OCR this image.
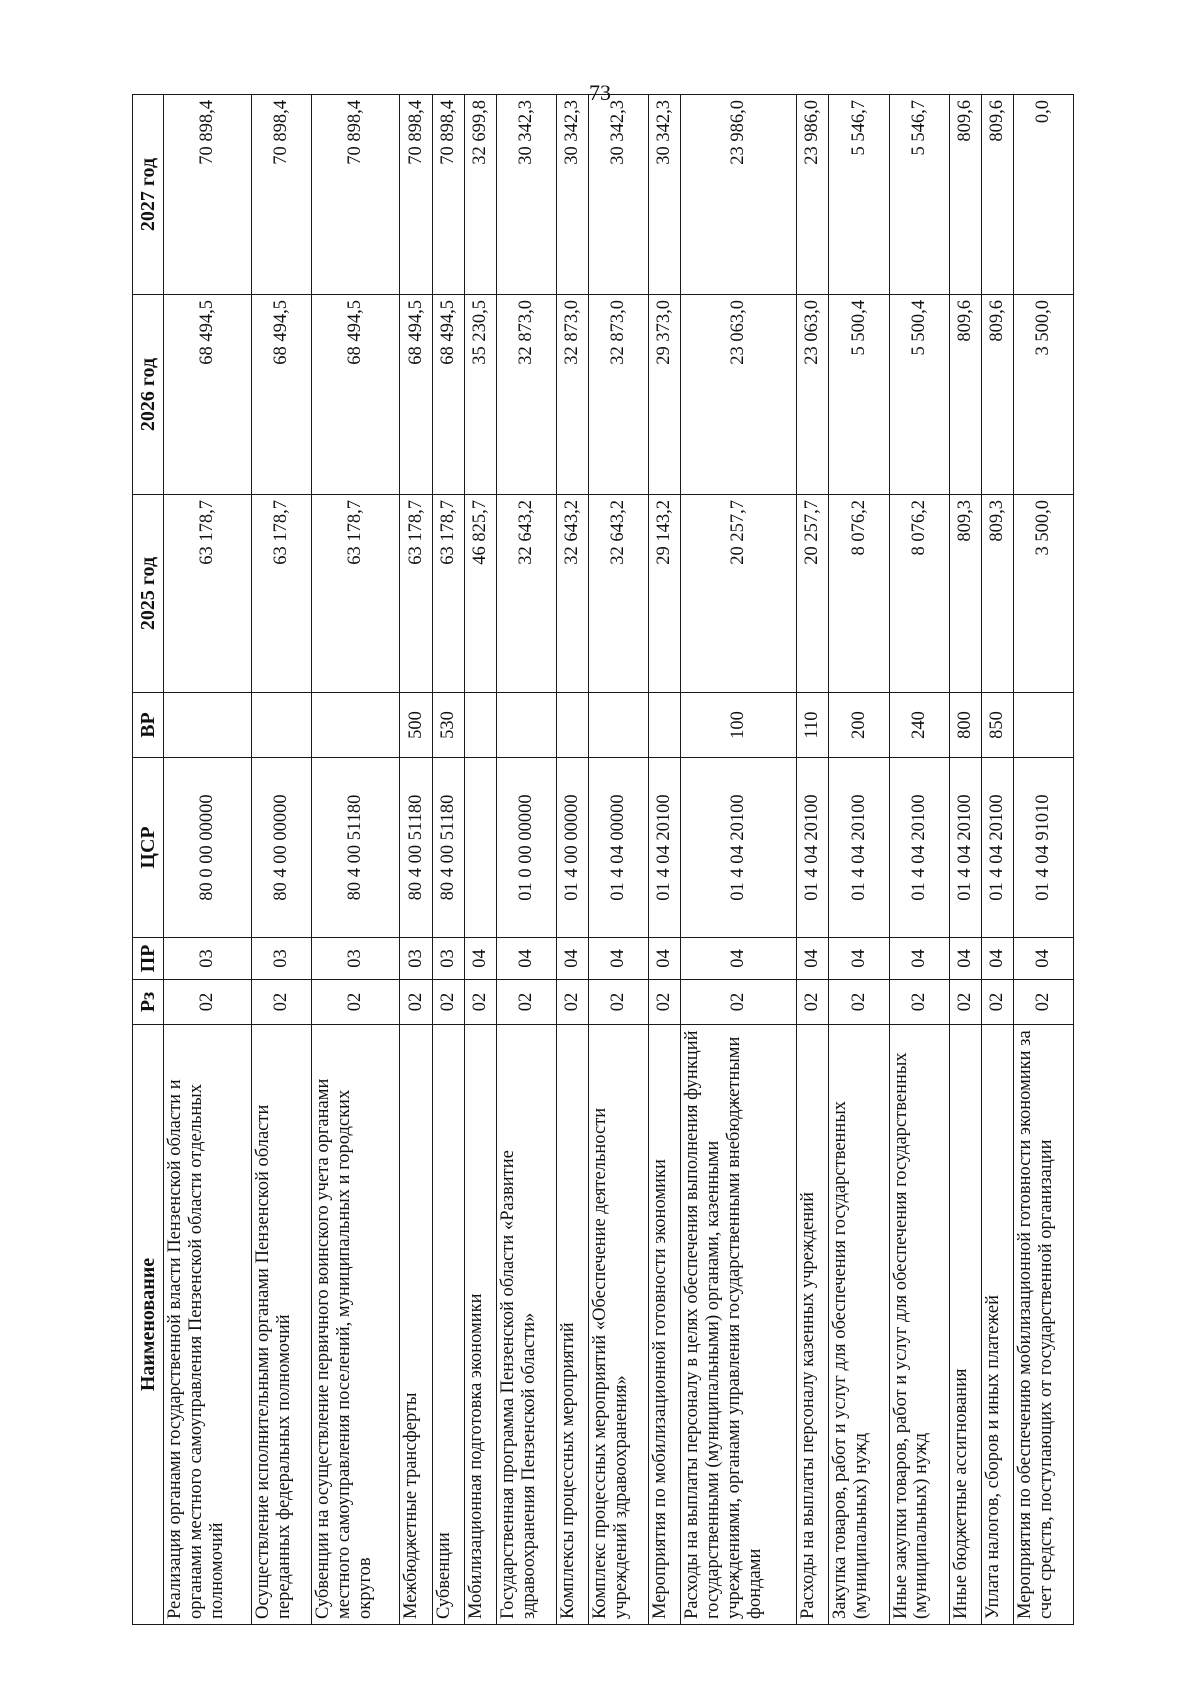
73
Наименование	Рз	ПР	ЦСР	ВР	2025 год	2026 год	2027 год
Реализация органами государственной власти Пензенской области и органами местного самоуправления Пензенской области отдельных полномочий	02	03	80 0 00 00000		63 178,7	68 494,5	70 898,4
Осуществление исполнительными органами Пензенской области переданных федеральных полномочий	02	03	80 4 00 00000		63 178,7	68 494,5	70 898,4
Субвенции на осуществление первичного воинского учета органами местного самоуправления поселений, муниципальных и городских округов	02	03	80 4 00 51180		63 178,7	68 494,5	70 898,4
Межбюджетные трансферты	02	03	80 4 00 51180	500	63 178,7	68 494,5	70 898,4
Субвенции	02	03	80 4 00 51180	530	63 178,7	68 494,5	70 898,4
Мобилизационная подготовка экономики	02	04			46 825,7	35 230,5	32 699,8
Государственная программа Пензенской области «Развитие здравоохранения Пензенской области»	02	04	01 0 00 00000		32 643,2	32 873,0	30 342,3
Комплексы процессных мероприятий	02	04	01 4 00 00000		32 643,2	32 873,0	30 342,3
Комплекс процессных мероприятий «Обеспечение деятельности учреждений здравоохранения»	02	04	01 4 04 00000		32 643,2	32 873,0	30 342,3
Мероприятия по мобилизационной готовности экономики	02	04	01 4 04 20100		29 143,2	29 373,0	30 342,3
Расходы на выплаты персоналу в целях обеспечения выполнения функций государственными (муниципальными) органами, казенными учреждениями, органами управления государственными внебюджетными фондами	02	04	01 4 04 20100	100	20 257,7	23 063,0	23 986,0
Расходы на выплаты персоналу казенных учреждений	02	04	01 4 04 20100	110	20 257,7	23 063,0	23 986,0
Закупка товаров, работ и услуг для обеспечения государственных (муниципальных) нужд	02	04	01 4 04 20100	200	8 076,2	5 500,4	5 546,7
Иные закупки товаров, работ и услуг для обеспечения государственных (муниципальных) нужд	02	04	01 4 04 20100	240	8 076,2	5 500,4	5 546,7
Иные бюджетные ассигнования	02	04	01 4 04 20100	800	809,3	809,6	809,6
Уплата налогов, сборов и иных платежей	02	04	01 4 04 20100	850	809,3	809,6	809,6
Мероприятия по обеспечению мобилизационной готовности экономики за счет средств, поступающих от государственной организации	02	04	01 4 04 91010		3 500,0	3 500,0	0,0
